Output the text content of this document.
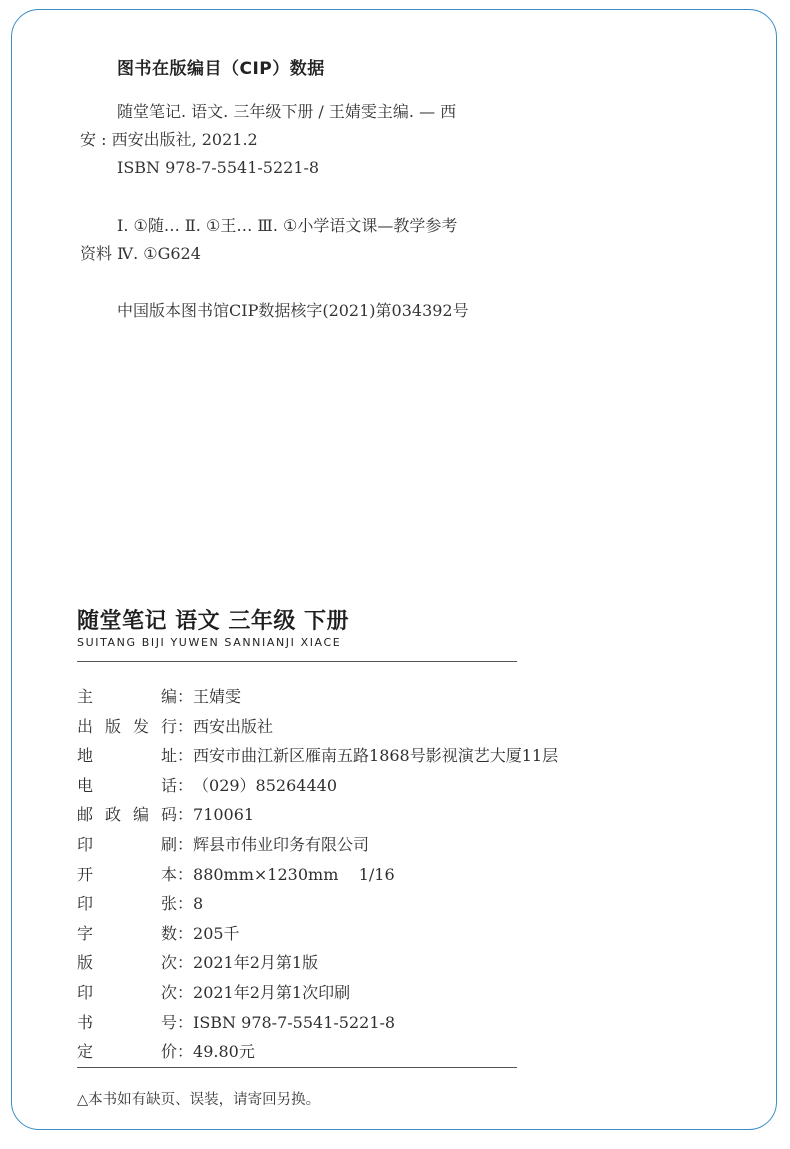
图书在版编目（CIP）数据

随堂笔记. 语文. 三年级下册 / 王婧雯主编. — 西
安 : 西安出版社, 2021.2
ISBN 978-7-5541-5221-8

Ⅰ. ①随… Ⅱ. ①王… Ⅲ. ①小学语文课—教学参考
资料 Ⅳ. ①G624

中国版本图书馆CIP数据核字(2021)第034392号

随堂笔记 语文 三年级 下册
SUITANG BIJI YUWEN SANNIANJI XIACE
主编：王婧雯
出版发行：西安出版社
地址：西安市曲江新区雁南五路1868号影视演艺大厦11层
电话：（029）85264440
邮政编码：710061
印刷：辉县市伟业印务有限公司
开本：880mm×1230mm    1/16
印张：8
字数：205千
版次：2021年2月第1版
印次：2021年2月第1次印刷
书号：ISBN 978-7-5541-5221-8
定价：49.80元
△本书如有缺页、误装，请寄回另换。
